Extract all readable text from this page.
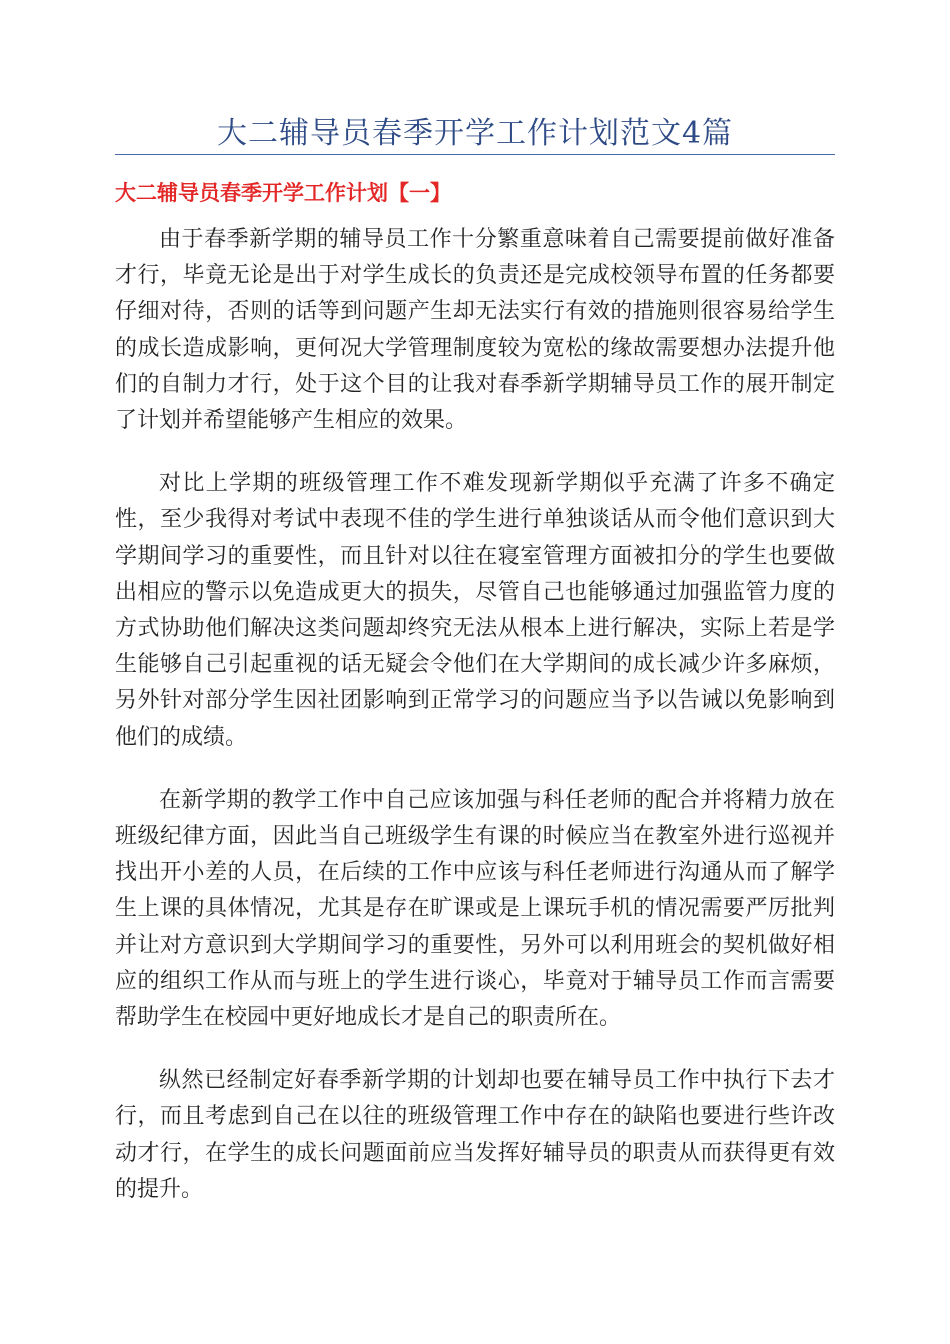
大二辅导员春季开学工作计划范文4篇
大二辅导员春季开学工作计划【一】

由于春季新学期的辅导员工作十分繁重意味着自己需要提前做好准备才行，毕竟无论是出于对学生成长的负责还是完成校领导布置的任务都要仔细对待，否则的话等到问题产生却无法实行有效的措施则很容易给学生的成长造成影响，更何况大学管理制度较为宽松的缘故需要想办法提升他们的自制力才行，处于这个目的让我对春季新学期辅导员工作的展开制定了计划并希望能够产生相应的效果。

对比上学期的班级管理工作不难发现新学期似乎充满了许多不确定性，至少我得对考试中表现不佳的学生进行单独谈话从而令他们意识到大学期间学习的重要性，而且针对以往在寝室管理方面被扣分的学生也要做出相应的警示以免造成更大的损失，尽管自己也能够通过加强监管力度的方式协助他们解决这类问题却终究无法从根本上进行解决，实际上若是学生能够自己引起重视的话无疑会令他们在大学期间的成长减少许多麻烦，另外针对部分学生因社团影响到正常学习的问题应当予以告诫以免影响到他们的成绩。

在新学期的教学工作中自己应该加强与科任老师的配合并将精力放在班级纪律方面，因此当自己班级学生有课的时候应当在教室外进行巡视并找出开小差的人员，在后续的工作中应该与科任老师进行沟通从而了解学生上课的具体情况，尤其是存在旷课或是上课玩手机的情况需要严厉批判并让对方意识到大学期间学习的重要性，另外可以利用班会的契机做好相应的组织工作从而与班上的学生进行谈心，毕竟对于辅导员工作而言需要帮助学生在校园中更好地成长才是自己的职责所在。

纵然已经制定好春季新学期的计划却也要在辅导员工作中执行下去才行，而且考虑到自己在以往的班级管理工作中存在的缺陷也要进行些许改动才行，在学生的成长问题面前应当发挥好辅导员的职责从而获得更有效的提升。
